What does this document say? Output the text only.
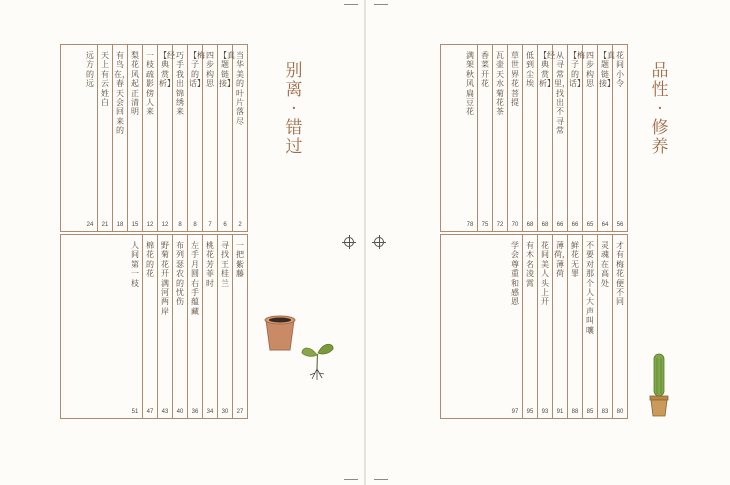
别离·错过
当华美的叶片落尽
2
【真题链接】
6
四步构思
7
【梅子的话】
8
巧手我出锦绣来
8
【经典赏析】
12
一枝疏影傍人来
12
梨花风起正清明
15
有鸟在，春天会回来的
18
天上有云姓白
21
远方的远
24
一把紫藤
27
寻找王桂兰
30
桃花芳菲时
34
左手月圆 右手蕴藏
36
布列瑟农的忧伤
40
野菊花开满河两岸
43
棉花的花
47
人间第一枝
51
品性·修养
花间小令
56
【真题链接】
64
四步构思
65
【梅子的话】
66
从寻常里，找出不寻常
66
【经典赏析】
68
低到尘埃
68
草世界 花菩提
70
瓦壶天水菊花茶
72
香菜开花
75
满架秋风扁豆花
78
才有梅花便不同
80
灵魂在高处
83
不要对那个人大声叫嚷
85
鲜花无罪
88
薄荷，薄荷
91
花间美人头上开
93
有木名凌霄
95
学会尊重和感恩
97
